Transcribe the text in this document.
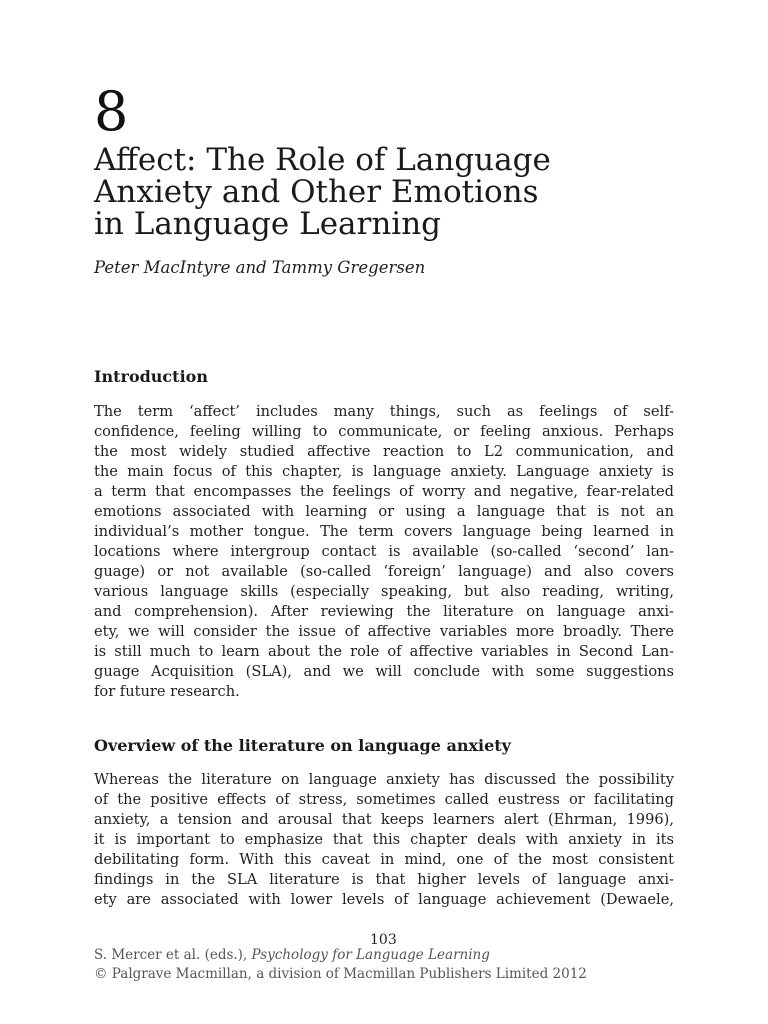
8
Affect: The Role of Language
Anxiety and Other Emotions
in Language Learning
Peter MacIntyre and Tammy Gregersen
Introduction
The term ‘affect’ includes many things, such as feelings of self-
confidence, feeling willing to communicate, or feeling anxious. Perhaps
the most widely studied affective reaction to L2 communication, and
the main focus of this chapter, is language anxiety. Language anxiety is
a term that encompasses the feelings of worry and negative, fear-related
emotions associated with learning or using a language that is not an
individual’s mother tongue. The term covers language being learned in
locations where intergroup contact is available (so-called ‘second’ lan-
guage) or not available (so-called ‘foreign’ language) and also covers
various language skills (especially speaking, but also reading, writing,
and comprehension). After reviewing the literature on language anxi-
ety, we will consider the issue of affective variables more broadly. There
is still much to learn about the role of affective variables in Second Lan-
guage Acquisition (SLA), and we will conclude with some suggestions
for future research.
Overview of the literature on language anxiety
Whereas the literature on language anxiety has discussed the possibility
of the positive effects of stress, sometimes called eustress or facilitating
anxiety, a tension and arousal that keeps learners alert (Ehrman, 1996),
it is important to emphasize that this chapter deals with anxiety in its
debilitating form. With this caveat in mind, one of the most consistent
findings in the SLA literature is that higher levels of language anxi-
ety are associated with lower levels of language achievement (Dewaele,
103
S. Mercer et al. (eds.), Psychology for Language Learning
© Palgrave Macmillan, a division of Macmillan Publishers Limited 2012
